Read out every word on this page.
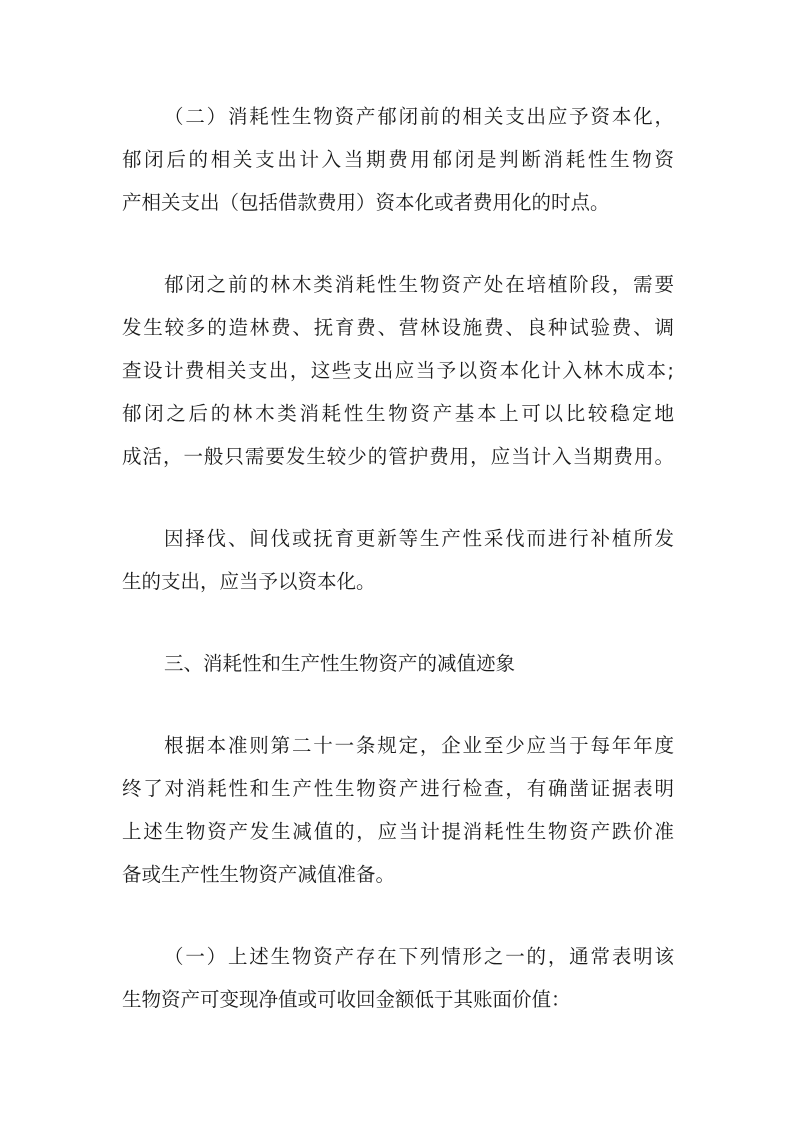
（二）消耗性生物资产郁闭前的相关支出应予资本化，

郁闭后的相关支出计入当期费用郁闭是判断消耗性生物资

产相关支出（包括借款费用）资本化或者费用化的时点。

郁闭之前的林木类消耗性生物资产处在培植阶段，需要

发生较多的造林费、抚育费、营林设施费、良种试验费、调

查设计费相关支出，这些支出应当予以资本化计入林木成本;

郁闭之后的林木类消耗性生物资产基本上可以比较稳定地

成活，一般只需要发生较少的管护费用，应当计入当期费用。

因择伐、间伐或抚育更新等生产性采伐而进行补植所发

生的支出，应当予以资本化。

三、消耗性和生产性生物资产的减值迹象

根据本准则第二十一条规定，企业至少应当于每年年度

终了对消耗性和生产性生物资产进行检查，有确凿证据表明

上述生物资产发生减值的，应当计提消耗性生物资产跌价准

备或生产性生物资产减值准备。

（一）上述生物资产存在下列情形之一的，通常表明该

生物资产可变现净值或可收回金额低于其账面价值：
